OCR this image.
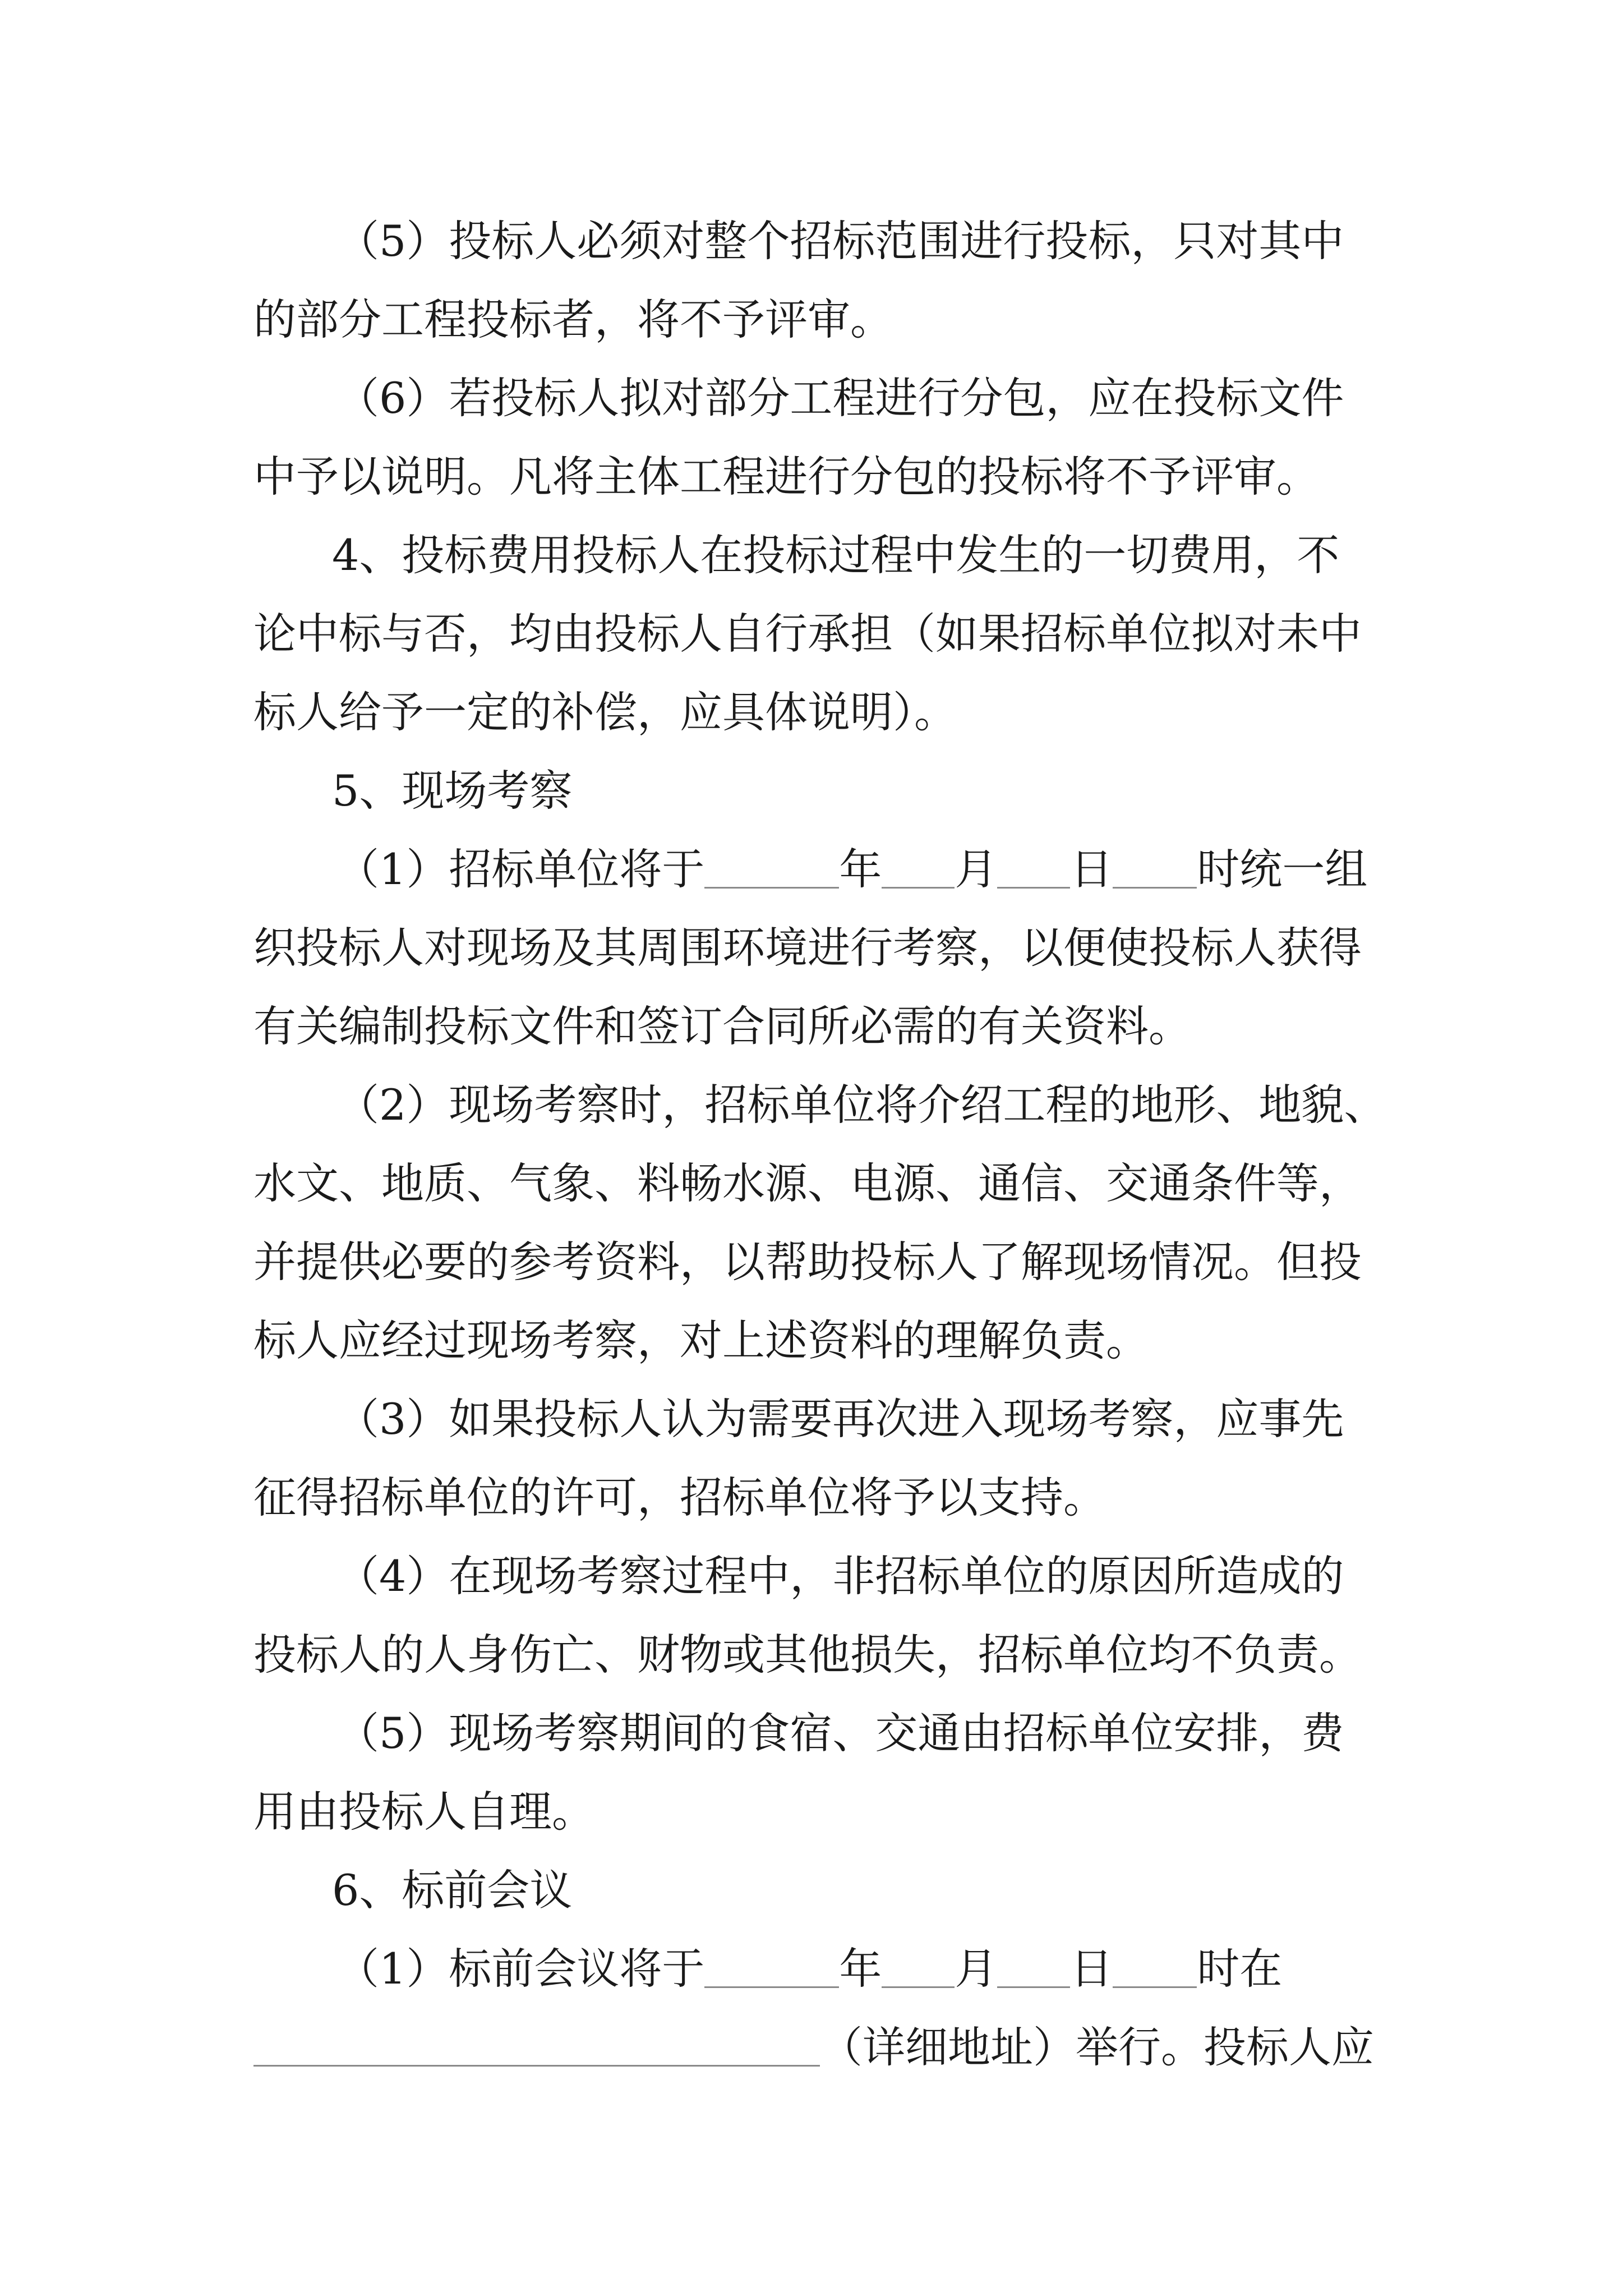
（5）投标人必须对整个招标范围进行投标，只对其中
的部分工程投标者，将不予评审。
（6）若投标人拟对部分工程进行分包，应在投标文件
中予以说明。凡将主体工程进行分包的投标将不予评审。
4、投标费用投标人在投标过程中发生的一切费用，不
论中标与否，均由投标人自行承担（如果招标单位拟对未中
标人给予一定的补偿，应具体说明）。
5、现场考察
（1）招标单位将于	年 月 日 时统一组
织投标人对现场及其周围环境进行考察，以便使投标人获得
有关编制投标文件和签订合同所必需的有关资料。
（2）现场考察时，招标单位将介绍工程的地形、地貌、
水文、地质、气象、料畅水源、电源、通信、交通条件等，
并提供必要的参考资料，以帮助投标人了解现场情况。但投
标人应经过现场考察，对上述资料的理解负责。
（3）如果投标人认为需要再次进入现场考察，应事先
征得招标单位的许可，招标单位将予以支持。
（4）在现场考察过程中，非招标单位的原因所造成的
投标人的人身伤亡、财物或其他损失，招标单位均不负责。
（5）现场考察期间的食宿、交通由招标单位安排，费
用由投标人自理。
6、标前会议
（1）标前会议将于	年 月 日 时在
（详细地址）举行。投标人应
